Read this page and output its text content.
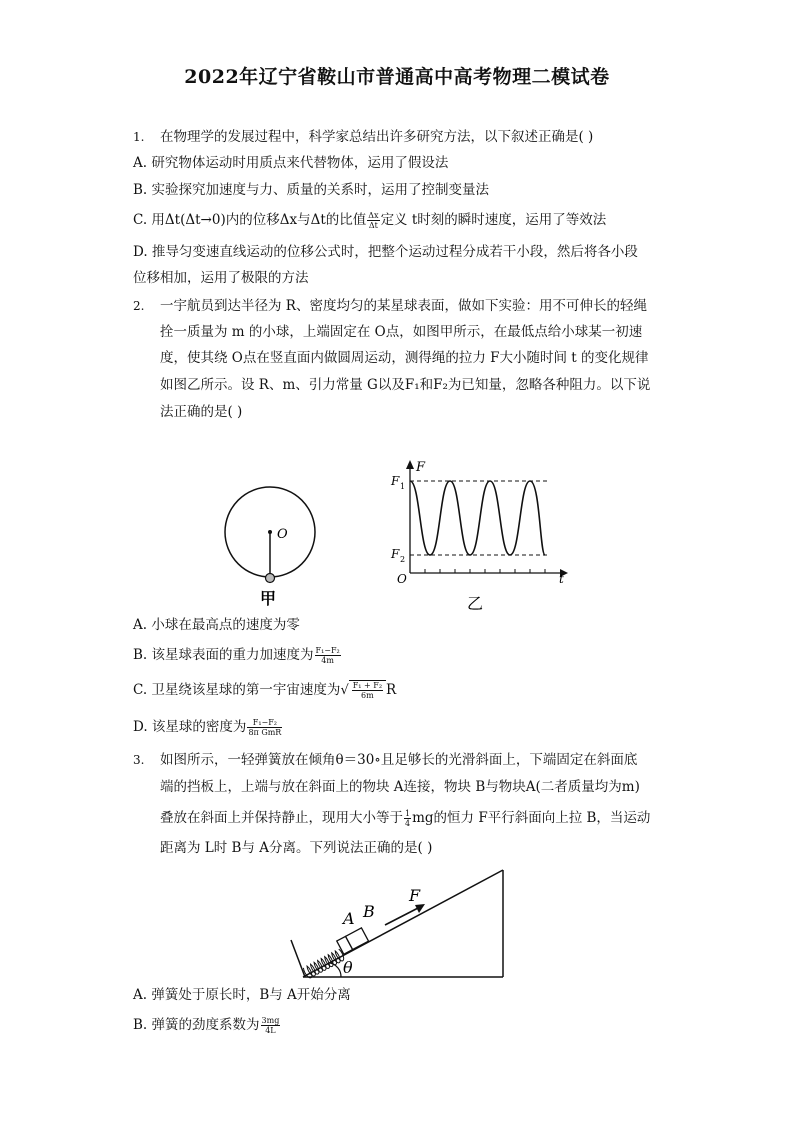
2022年辽宁省鞍山市普通高中高考物理二模试卷
1. 在物理学的发展过程中，科学家总结出许多研究方法，以下叙述正确是( )
A. 研究物体运动时用质点来代替物体，运用了假设法
B. 实验探究加速度与力、质量的关系时，运用了控制变量法
C. 用Δt(Δt→0)内的位移Δx与Δt的比值 $\frac{\Delta x}{\Delta t}$ 定义 t时刻的瞬时速度，运用了等效法
D. 推导匀变速直线运动的位移公式时，把整个运动过程分成若干小段，然后将各小段
位移相加，运用了极限的方法
2. 一宇航员到达半径为 R、密度均匀的某星球表面，做如下实验：用不可伸长的轻绳
拴一质量为 m 的小球，上端固定在 O点，如图甲所示，在最低点给小球某一初速
度，使其绕 O点在竖直面内做圆周运动，测得绳的拉力 F大小随时间 t 的变化规律
如图乙所示。设 R、m、引力常量 G以及F₁和F₂为已知量，忽略各种阻力。以下说
法正确的是( )
O
甲
F
F 1
F 2
O	t
乙
A. 小球在最高点的速度为零
B. 该星球表面的重力加速度为 $\frac{\text{F₁−F₂}}{4m}$
C. 卫星绕该星球的第一宇宙速度为√ $\frac{\text{F₁ + F₂}}{6m}$ R
D. 该星球的密度为 $\frac{\text{F₁−F₂}}{\text{8π GmR}}$
3. 如图所示，一轻弹簧放在倾角θ＝30∘且足够长的光滑斜面上，下端固定在斜面底
端的挡板上，上端与放在斜面上的物块 A连接，物块 B与物块A(二者质量均为m)
叠放在斜面上并保持静止，现用大小等于 $\frac{1}{4}$ mg的恒力 F平行斜面向上拉 B，当运动
距离为 L时 B与 A分离。下列说法正确的是( )
A B
F
θ
A. 弹簧处于原长时，B与 A开始分离
B. 弹簧的劲度系数为 $\frac{3mg}{4L}$
